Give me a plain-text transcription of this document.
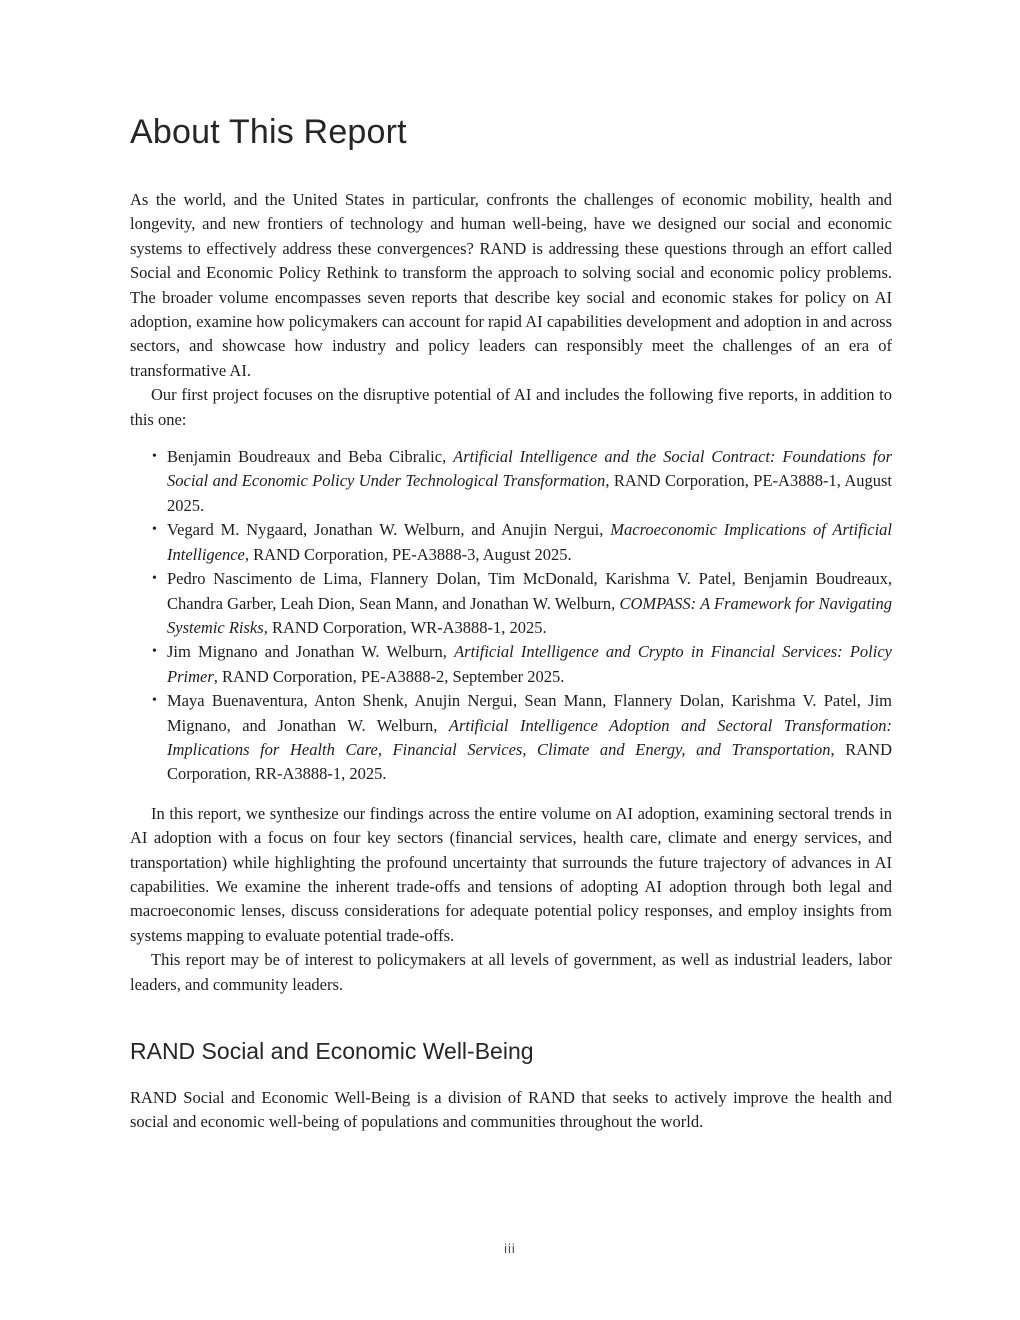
About This Report

As the world, and the United States in particular, confronts the challenges of economic mobility, health and longevity, and new frontiers of technology and human well-being, have we designed our social and economic systems to effectively address these convergences? RAND is addressing these questions through an effort called Social and Economic Policy Rethink to transform the approach to solving social and economic policy problems. The broader volume encompasses seven reports that describe key social and economic stakes for policy on AI adoption, examine how policymakers can account for rapid AI capabilities development and adoption in and across sectors, and showcase how industry and policy leaders can responsibly meet the challenges of an era of transformative AI.

Our first project focuses on the disruptive potential of AI and includes the following five reports, in addition to this one:

• Benjamin Boudreaux and Beba Cibralic, Artificial Intelligence and the Social Contract: Foundations for Social and Economic Policy Under Technological Transformation, RAND Corporation, PE-A3888-1, August 2025.
• Vegard M. Nygaard, Jonathan W. Welburn, and Anujin Nergui, Macroeconomic Implications of Artificial Intelligence, RAND Corporation, PE-A3888-3, August 2025.
• Pedro Nascimento de Lima, Flannery Dolan, Tim McDonald, Karishma V. Patel, Benjamin Boudreaux, Chandra Garber, Leah Dion, Sean Mann, and Jonathan W. Welburn, COMPASS: A Framework for Navigating Systemic Risks, RAND Corporation, WR-A3888-1, 2025.
• Jim Mignano and Jonathan W. Welburn, Artificial Intelligence and Crypto in Financial Services: Policy Primer, RAND Corporation, PE-A3888-2, September 2025.
• Maya Buenaventura, Anton Shenk, Anujin Nergui, Sean Mann, Flannery Dolan, Karishma V. Patel, Jim Mignano, and Jonathan W. Welburn, Artificial Intelligence Adoption and Sectoral Transformation: Implications for Health Care, Financial Services, Climate and Energy, and Transportation, RAND Corporation, RR-A3888-1, 2025.

In this report, we synthesize our findings across the entire volume on AI adoption, examining sectoral trends in AI adoption with a focus on four key sectors (financial services, health care, climate and energy services, and transportation) while highlighting the profound uncertainty that surrounds the future trajectory of advances in AI capabilities. We examine the inherent trade-offs and tensions of adopting AI adoption through both legal and macroeconomic lenses, discuss considerations for adequate potential policy responses, and employ insights from systems mapping to evaluate potential trade-offs.

This report may be of interest to policymakers at all levels of government, as well as industrial leaders, labor leaders, and community leaders.

RAND Social and Economic Well-Being

RAND Social and Economic Well-Being is a division of RAND that seeks to actively improve the health and social and economic well-being of populations and communities throughout the world.

iii
